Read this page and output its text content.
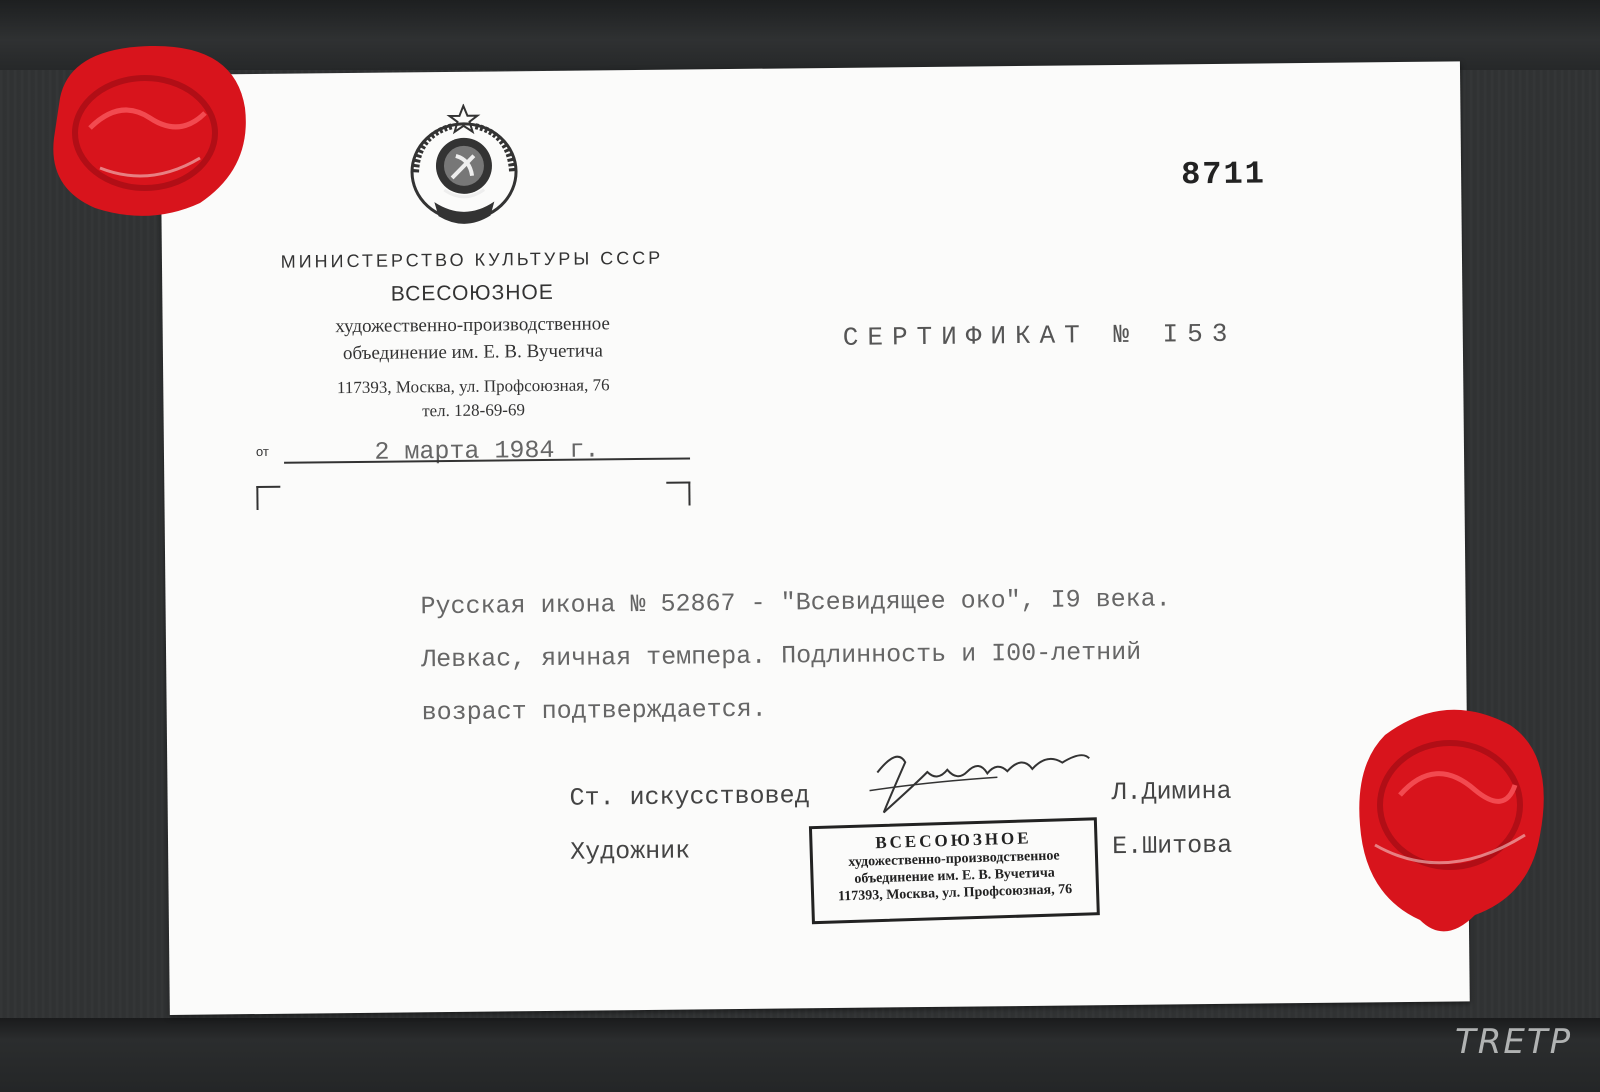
TRETP
МИНИСТЕРСТВО КУЛЬТУРЫ СССР
ВСЕСОЮЗНОЕ
художественно-производственное
объединение им. Е. В. Вучетича
117393, Москва, ул. Профсоюзная, 76
тел. 128-69-69
от	2 марта 1984 г.
8711
СЕРТИФИКАТ № I53
Русская икона № 52867 - "Всевидящее око", I9 века.
Левкас, яичная темпера. Подлинность и I00-летний
возраст подтверждается.
Ст. искусствовед	Л.Димина
Художник	Е.Шитова
ВСЕСОЮЗНОЕ
художественно-производственное
объединение им. Е. В. Вучетича
117393, Москва, ул. Профсоюзная, 76
